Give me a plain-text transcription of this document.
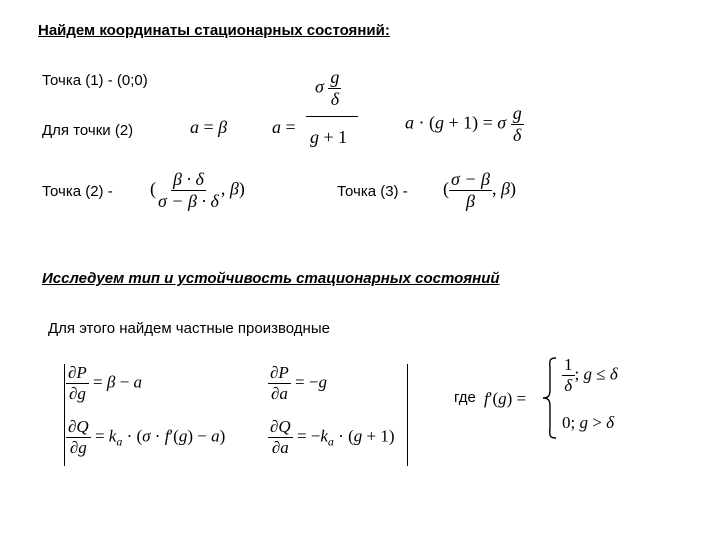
Найдем координаты стационарных состояний:
Точка (1) - (0;0)
Для точки (2)	a = β
σ $\frac{g}{\delta}$
a = g + 1
a · (g + 1) = σ $\frac{g}{\delta}$
Точка (2) - ( $\frac{\beta \cdot \delta}{\sigma - \beta \cdot \delta}$ , β)	Точка (3) - ( $\frac{\sigma - \beta}{\beta}$ , β)
Исследуем тип и устойчивость стационарных состояний
Для этого найдем частные производные
$\frac{\partial P}{\partial g} = \beta - a$	$\frac{\partial P}{\partial a} = -g$
$\frac{\partial Q}{\partial g} = k_a \cdot (\sigma \cdot f'(g) - a)$	$\frac{\partial Q}{\partial a} = -k_a \cdot (g + 1)$
где f′(g) =
$\frac{1}{\delta}$ ; g ≤ δ
0; g > δ
